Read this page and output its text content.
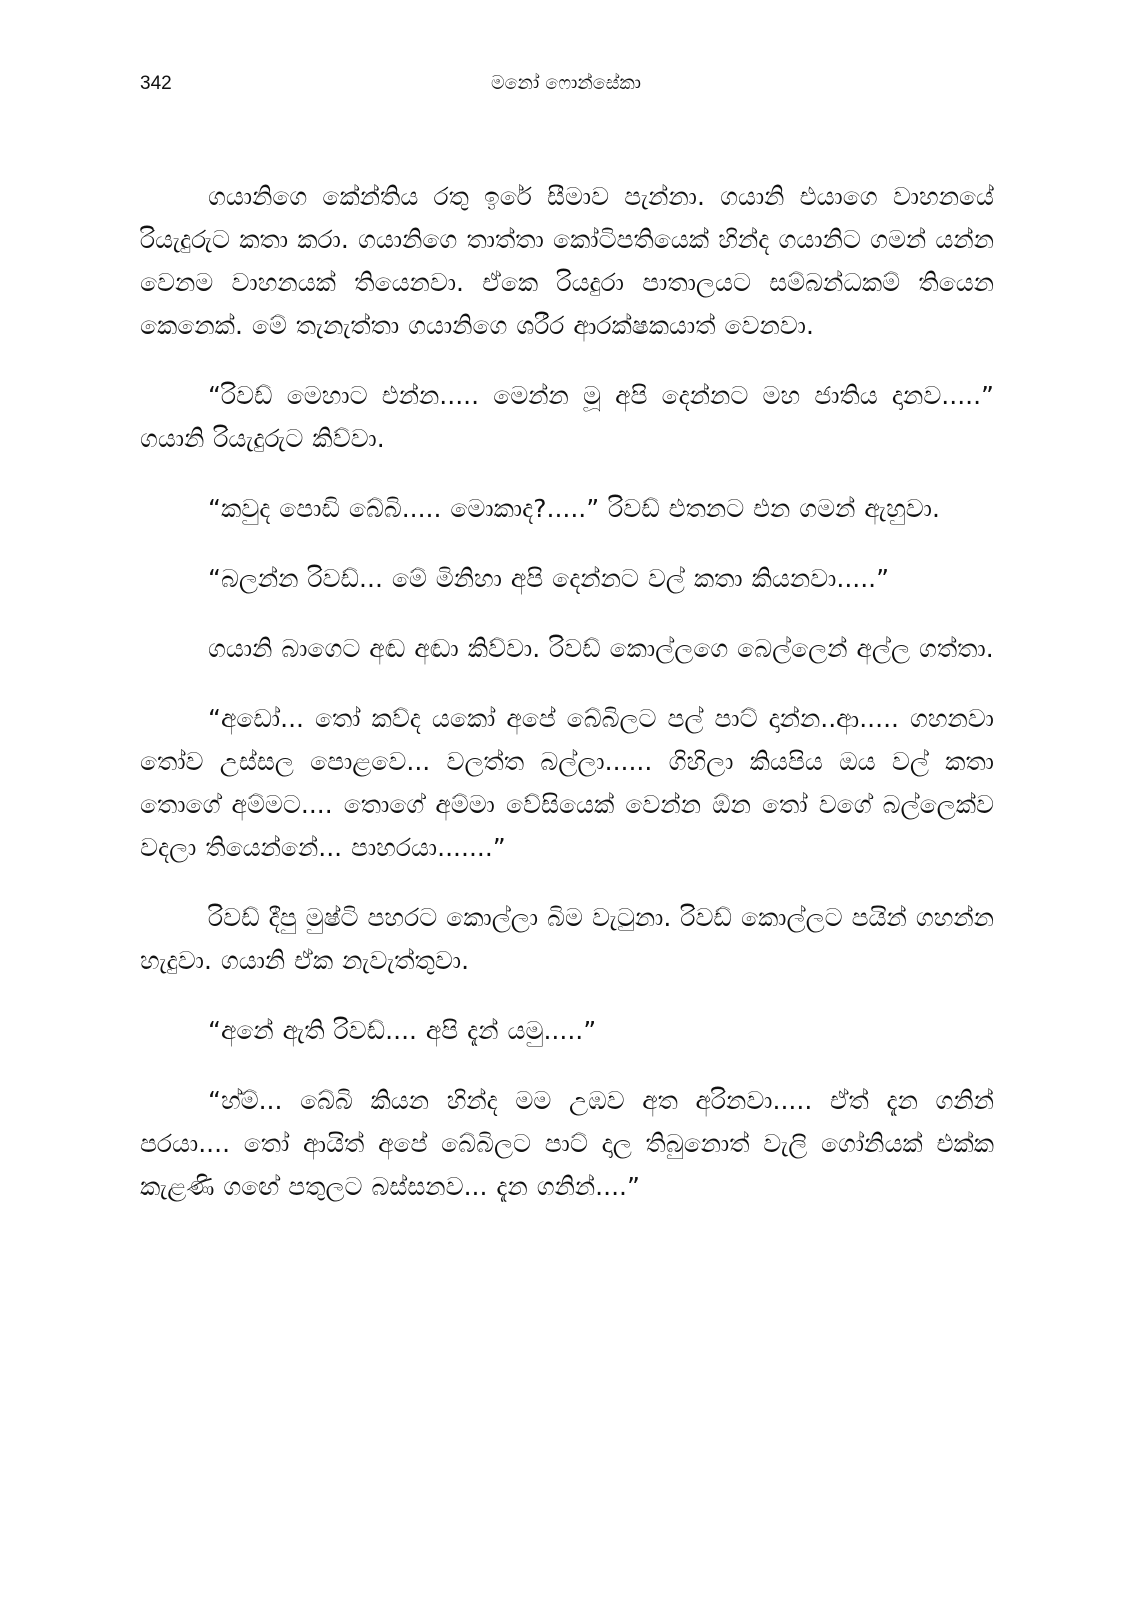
342	මනෝ ෆොන්සේකා

ගයානිගෙ කේන්තිය රතු ඉරේ සීමාව පැන්නා. ගයානි එයාගෙ වාහනයේ රියැදුරුට කතා කරා. ගයානිගෙ තාත්තා කෝටිපතියෙක් හින්ද ගයානිට ගමන් යන්න වෙනම වාහනයක් තියෙනවා. ඒකෙ රියදුරා පාතාලයට සම්බන්ධකම් තියෙන කෙනෙක්. මේ තැනැත්තා ගයානිගෙ ශරීර ආරක්ෂකයාත් වෙනවා.

“රිවඩ් මෙහාට එන්න..... මෙන්න මූ අපි දෙන්නට මහ ජාතිය දානව.....” ගයානි රියැදුරුට කිව්වා.

“කවුද පොඩි බේබි..... මොකාද?.....” රිවඩ් එතනට එන ගමන් ඇහුවා.

“බලන්න රිවඩ්... මේ මිනිහා අපි දෙන්නට වල් කතා කියනවා.....”

ගයානි බාගෙට අඬ අඬා කිව්වා. රිවඩ් කොල්ලගෙ බෙල්ලෙන් අල්ල ගත්තා.

“අඩෝ... තෝ කව්ද යකෝ අපේ බේබිලට පල් පාට් දාන්න..ආ..... ගහනවා තෝව උස්සල පොළවෙ... වලත්ත බල්ලා...... ගිහිලා කියපිය ඔය වල් කතා තොගේ අම්මට.... තොගේ අම්මා වේසියෙක් වෙන්න ඕන තෝ වගේ බල්ලෙක්ව වදලා තියෙන්නේ... පාහරයා.......”

රිවඩ් දීපු මුෂ්ටි පහරට කොල්ලා බිම වැටුනා. රිවඩ් කොල්ලට පයින් ගහන්න හැදුවා. ගයානි ඒක නැවැත්තුවා.

“අනේ ඇති රිවඩ්.... අපි දැන් යමු.....”

“හ්ම්... බේබි කියන හින්ද මම උඹව අත අරිනවා..... ඒත් දැන ගනින් පරයා.... තෝ ආයිත් අපේ බේබිලට පාට් දාල තිබුනොත් වැලි ගෝනියක් එක්ක කැළණි ගඟේ පතුලට බස්සනව... දැන ගනින්....”
